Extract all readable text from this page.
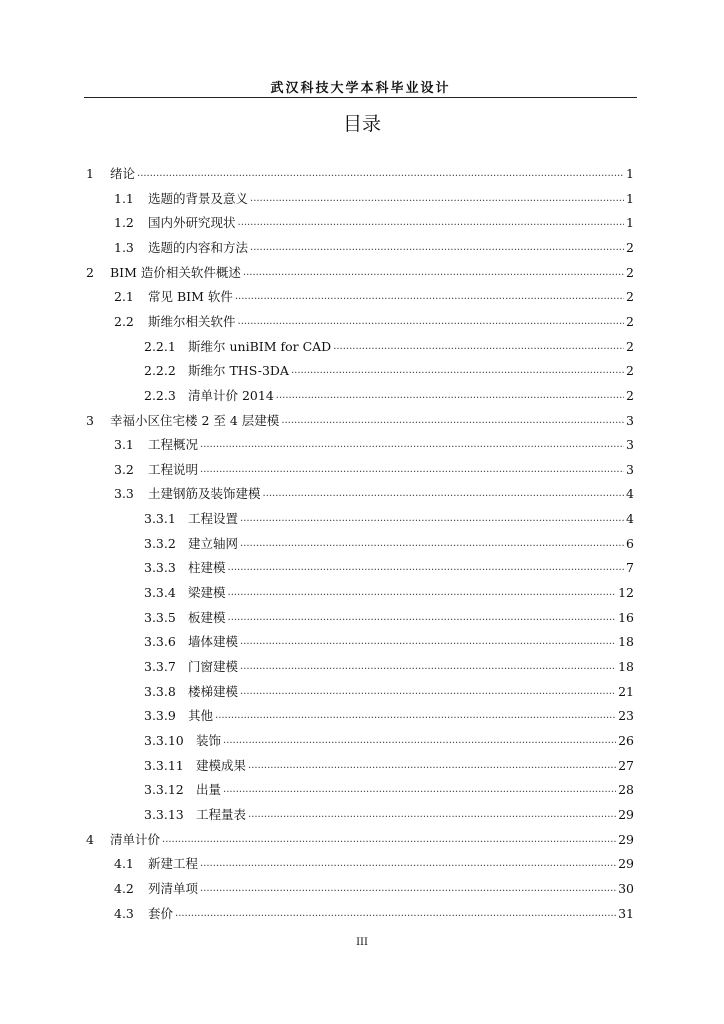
武汉科技大学本科毕业设计
目录
1	绪论 .....	1
1.1	选题的背景及意义 .....	1
1.2	国内外研究现状 .....	1
1.3	选题的内容和方法 .....	2
2	BIM 造价相关软件概述 .....	2
2.1	常见 BIM 软件 .....	2
2.2	斯维尔相关软件 .....	2
2.2.1 斯维尔 uniBIM for CAD .....	2
2.2.2 斯维尔 THS-3DA .....	2
2.2.3 清单计价 2014 .....	2
3	幸福小区住宅楼 2 至 4 层建模 .....	3
3.1	工程概况 .....	3
3.2	工程说明 .....	3
3.3	土建钢筋及装饰建模 .....	4
3.3.1 工程设置 .....	4
3.3.2 建立轴网 .....	6
3.3.3 柱建模 .....	7
3.3.4 梁建模 .....	12
3.3.5 板建模 .....	16
3.3.6 墙体建模 .....	18
3.3.7 门窗建模 .....	18
3.3.8 楼梯建模 .....	21
3.3.9 其他 .....	23
3.3.10 装饰 .....	26
3.3.11 建模成果 .....	27
3.3.12 出量 .....	28
3.3.13 工程量表 .....	29
4	清单计价 .....	29
4.1	新建工程 .....	29
4.2	列清单项 .....	30
4.3	套价 .....	31
III
